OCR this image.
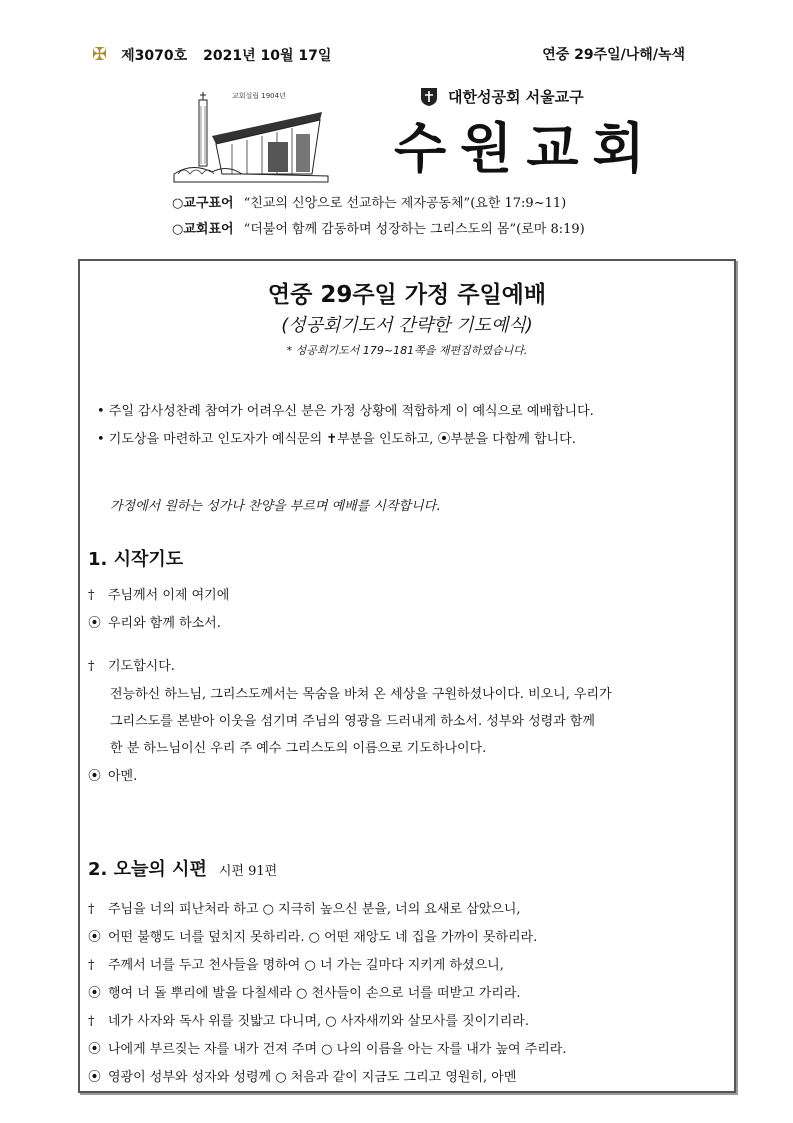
✠ 제3070호 2021년 10월 17일	연중 29주일/나해/녹색
교회설립 1904년	대한성공회 서울교구
수원교회
○교구표어 “친교의 신앙으로 선교하는 제자공동체”(요한 17:9~11)
○교회표어 “더불어 함께 감동하며 성장하는 그리스도의 몸”(로마 8:19)
연중 29주일 가정 주일예배
(성공회기도서 간략한 기도예식)
* 성공회기도서 179~181쪽을 재편집하였습니다.
• 주일 감사성찬례 참여가 어려우신 분은 가정 상황에 적합하게 이 예식으로 예배합니다.
• 기도상을 마련하고 인도자가 예식문의 ✝부분을 인도하고, ⦿부분을 다함께 합니다.
가정에서 원하는 성가나 찬양을 부르며 예배를 시작합니다.
1. 시작기도
† 주님께서 이제 여기에
⦿ 우리와 함께 하소서.
† 기도합시다.
전능하신 하느님, 그리스도께서는 목숨을 바쳐 온 세상을 구원하셨나이다. 비오니, 우리가
그리스도를 본받아 이웃을 섬기며 주님의 영광을 드러내게 하소서. 성부와 성령과 함께
한 분 하느님이신 우리 주 예수 그리스도의 이름으로 기도하나이다.
⦿ 아멘.
2. 오늘의 시편 시편 91편
† 주님을 너의 피난처라 하고 ○ 지극히 높으신 분을, 너의 요새로 삼았으니,
⦿ 어떤 불행도 너를 덮치지 못하리라. ○ 어떤 재앙도 네 집을 가까이 못하리라.
† 주께서 너를 두고 천사들을 명하여 ○ 너 가는 길마다 지키게 하셨으니,
⦿ 행여 너 돌 뿌리에 발을 다칠세라 ○ 천사들이 손으로 너를 떠받고 가리라.
† 네가 사자와 독사 위를 짓밟고 다니며, ○ 사자새끼와 살모사를 짓이기리라.
⦿ 나에게 부르짖는 자를 내가 건져 주며 ○ 나의 이름을 아는 자를 내가 높여 주리라.
⦿ 영광이 성부와 성자와 성령께 ○ 처음과 같이 지금도 그리고 영원히, 아멘
